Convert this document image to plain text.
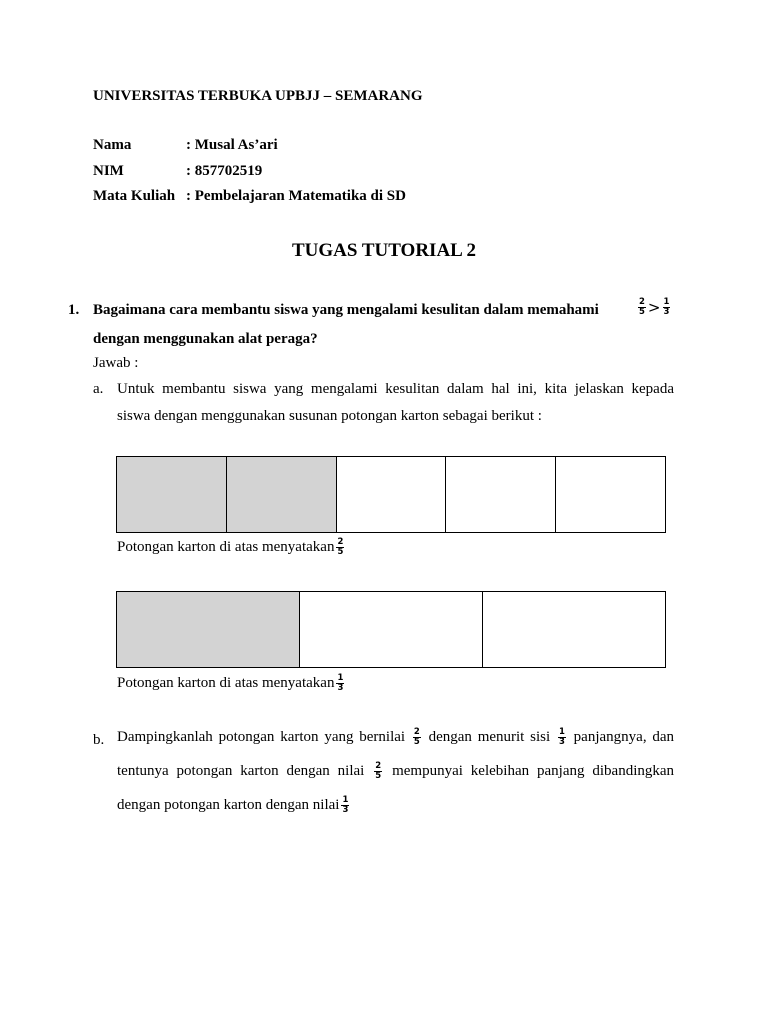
UNIVERSITAS TERBUKA UPBJJ – SEMARANG
Nama	: Musal As’ari
NIM	: 857702519
Mata Kuliah : Pembelajaran Matematika di SD
TUGAS TUTORIAL 2
1. Bagaimana cara membantu siswa yang mengalami kesulitan dalam memahami	$\frac{2}{5} > \frac{1}{3}$
dengan menggunakan alat peraga?
Jawab :
a. Untuk membantu siswa yang mengalami kesulitan dalam hal ini, kita jelaskan kepada
siswa dengan menggunakan susunan potongan karton sebagai berikut :
Potongan karton di atas menyatakan $\frac{2}{5}$
Potongan karton di atas menyatakan $\frac{1}{3}$
b. Dampingkanlah potongan karton yang bernilai $\frac{2}{5}$ dengan menurit sisi $\frac{1}{3}$ panjangnya, dan
tentunya potongan karton dengan nilai $\frac{2}{5}$ mempunyai kelebihan panjang dibandingkan
dengan potongan karton dengan nilai $\frac{1}{3}$
